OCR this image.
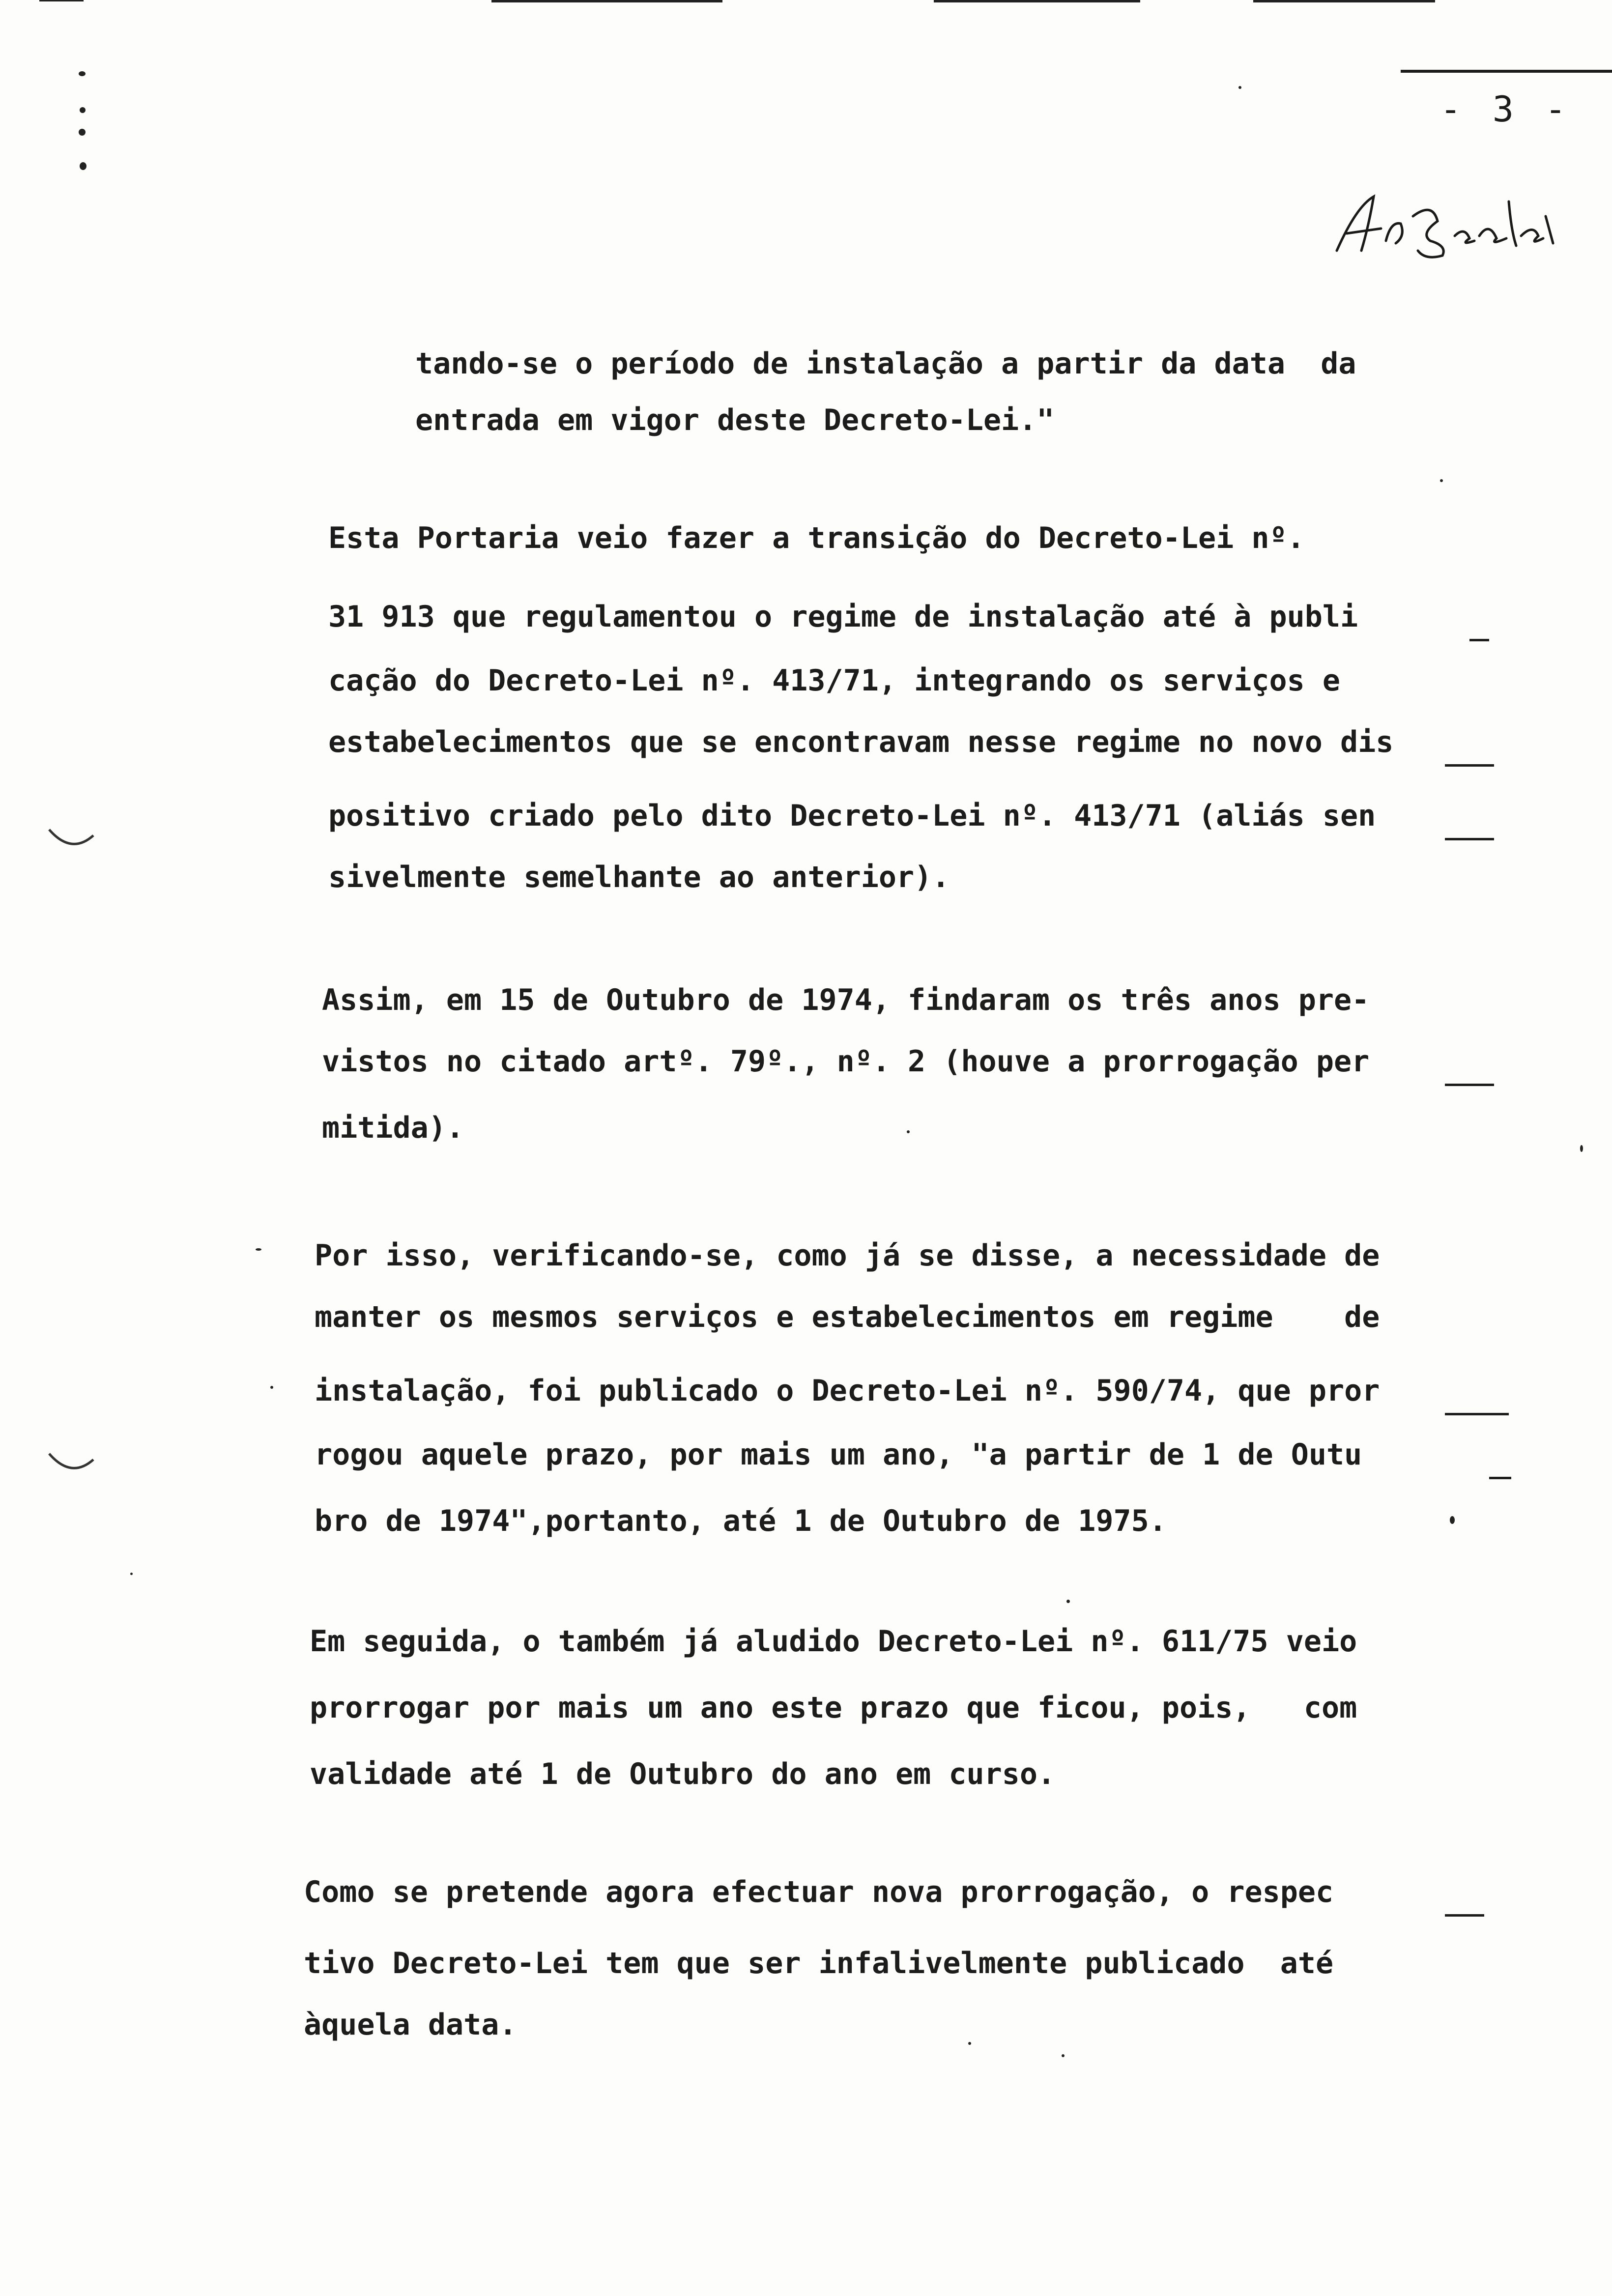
- 3 -
tando-se o período de instalação a partir da data  da
entrada em vigor deste Decreto-Lei."
Esta Portaria veio fazer a transição do Decreto-Lei nº.
31 913 que regulamentou o regime de instalação até à publi
cação do Decreto-Lei nº. 413/71, integrando os serviços e
estabelecimentos que se encontravam nesse regime no novo dis
positivo criado pelo dito Decreto-Lei nº. 413/71 (aliás sen
sivelmente semelhante ao anterior).
Assim, em 15 de Outubro de 1974, findaram os três anos pre-
vistos no citado artº. 79º., nº. 2 (houve a prorrogação per
mitida).
Por isso, verificando-se, como já se disse, a necessidade de
manter os mesmos serviços e estabelecimentos em regime    de
instalação, foi publicado o Decreto-Lei nº. 590/74, que pror
rogou aquele prazo, por mais um ano, "a partir de 1 de Outu
bro de 1974",portanto, até 1 de Outubro de 1975.
Em seguida, o também já aludido Decreto-Lei nº. 611/75 veio
prorrogar por mais um ano este prazo que ficou, pois,   com
validade até 1 de Outubro do ano em curso.
Como se pretende agora efectuar nova prorrogação, o respec
tivo Decreto-Lei tem que ser infalivelmente publicado  até
àquela data.
